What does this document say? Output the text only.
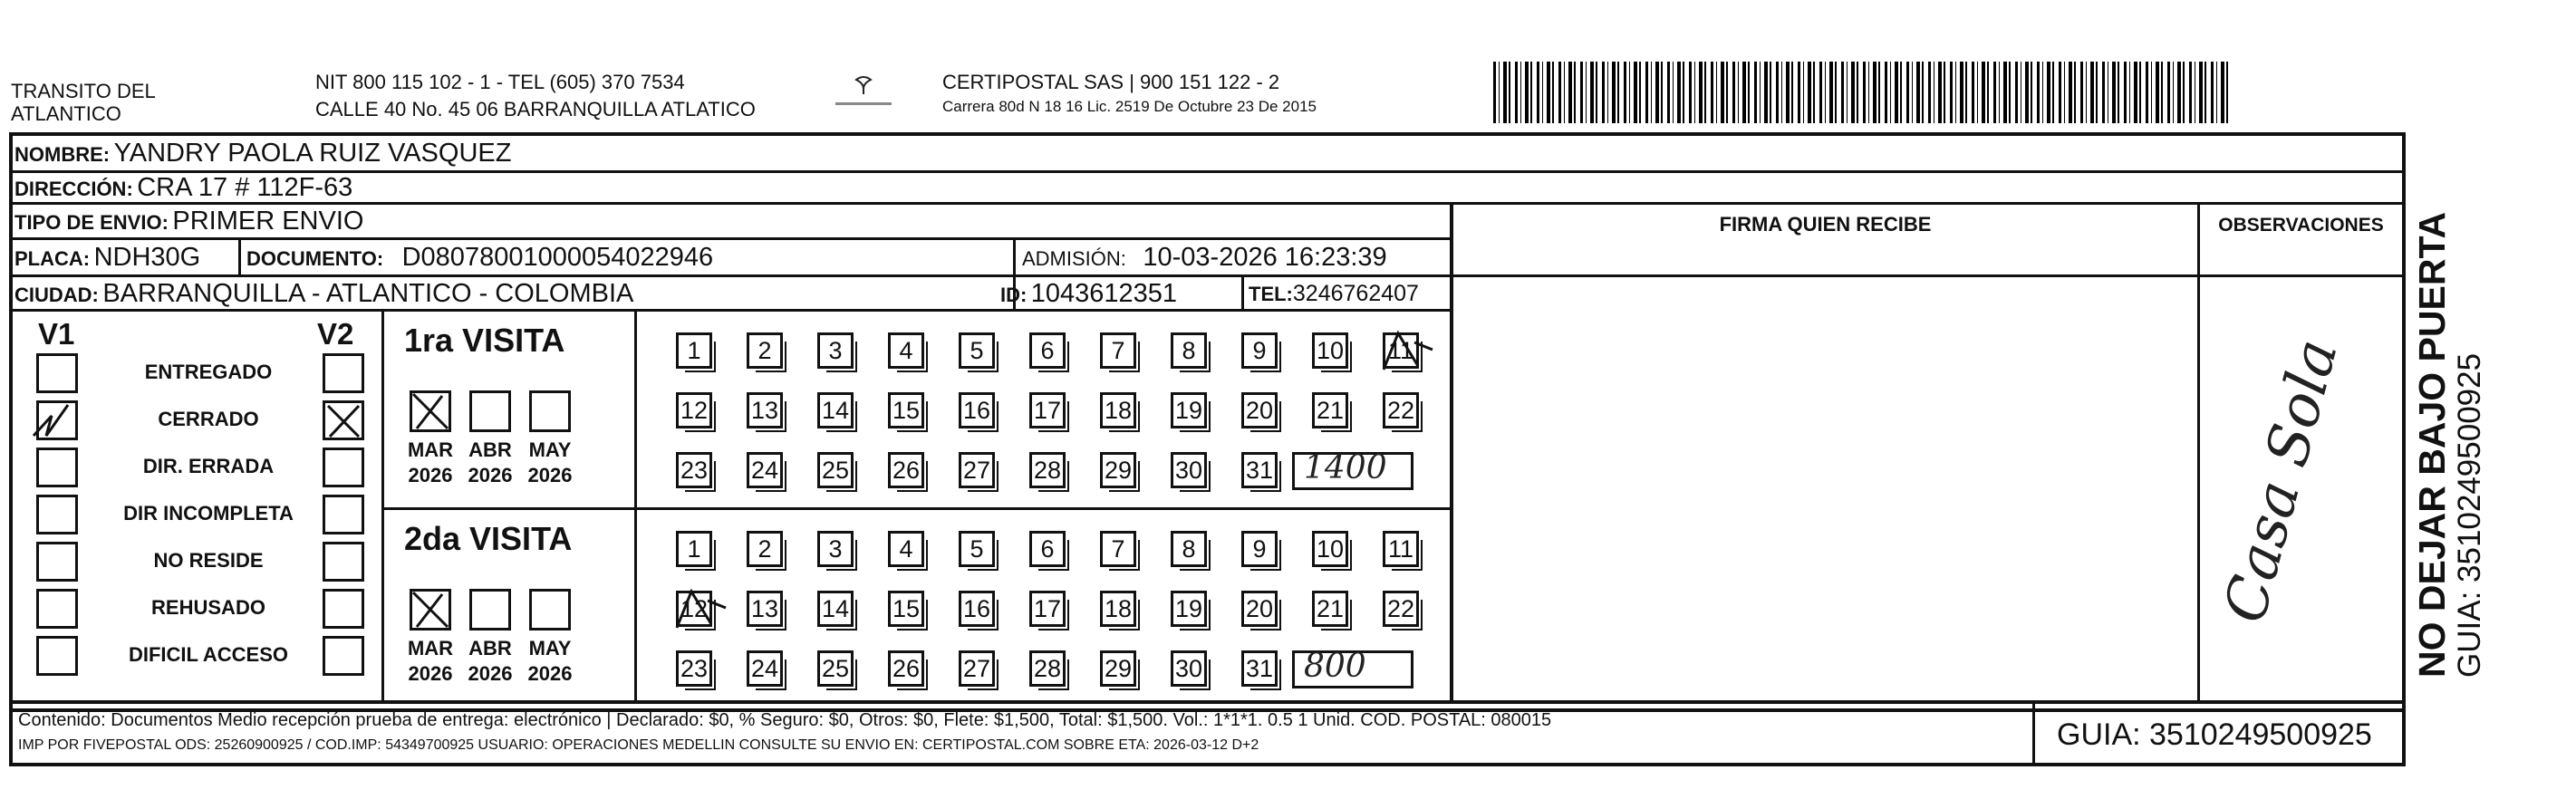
TRANSITO DEL
ATLANTICO
NIT 800 115 102 - 1 - TEL (605) 370 7534
CALLE 40 No. 45 06 BARRANQUILLA ATLATICO
CERTIPOSTAL SAS | 900 151 122 - 2
Carrera 80d N 18 16 Lic. 2519 De Octubre 23 De 2015
NOMBRE: YANDRY PAOLA RUIZ VASQUEZ
DIRECCIÓN: CRA 17 # 112F-63
TIPO DE ENVIO: PRIMER ENVIO
PLACA: NDH30G DOCUMENTO: D08078001000054022946	ADMISIÓN: 10-03-2026 16:23:39
CIUDAD: BARRANQUILLA - ATLANTICO - COLOMBIA	ID: 1043612351	TEL:3246762407
FIRMA QUIEN RECIBE	OBSERVACIONES
V1	V2
ENTREGADO
CERRADO
DIR. ERRADA
DIR INCOMPLETA
NO RESIDE
REHUSADO
DIFICIL ACCESO
1ra VISITA
MAR
2026
ABR
2026
MAY
2026
1	2	3	4	5	6	7	8	9	10 11
12 13 14 15 16 17 18 19 20 21 22
23 24 25 26 27 28 29 30 31 1400
2da VISITA
MAR
2026
ABR
2026
MAY
2026
1	2	3	4	5	6	7	8	9	10 11
12 13 14 15 16 17 18 19 20 21 22
23 24 25 26 27 28 29 30 31 800
Casa Sola
Contenido: Documentos Medio recepción prueba de entrega: electrónico | Declarado: $0, % Seguro: $0, Otros: $0, Flete: $1,500, Total: $1,500. Vol.: 1*1*1. 0.5 1 Unid. COD. POSTAL: 080015
IMP POR FIVEPOSTAL ODS: 25260900925 / COD.IMP: 54349700925 USUARIO: OPERACIONES MEDELLIN CONSULTE SU ENVIO EN: CERTIPOSTAL.COM SOBRE ETA: 2026-03-12 D+2	GUIA: 3510249500925
NO DEJAR BAJO PUERTA GUIA: 3510249500925
